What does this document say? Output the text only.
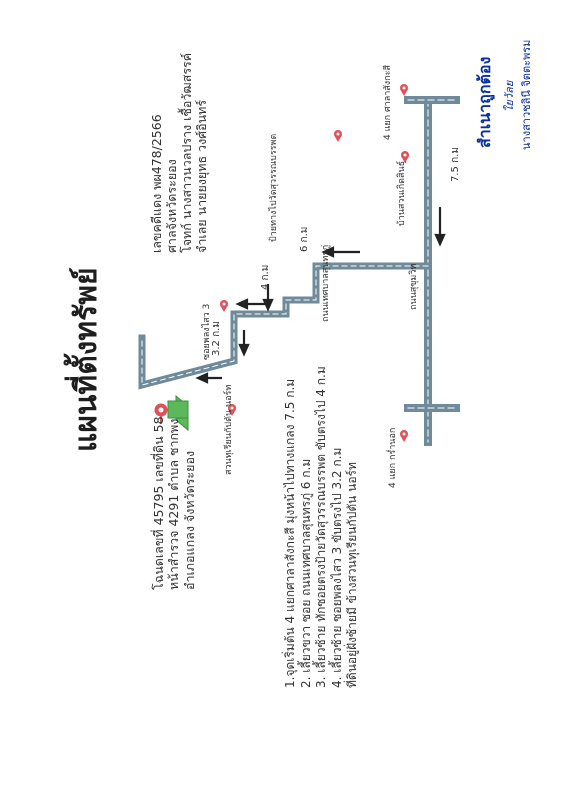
แผนที่ตั้งทรัพย์
โฉนดเลขที่ 45795 เลขที่ดิน 58 หน้าสำรวจ 4291 ตำบล ชากพง อำเภอแกลง จังหวัดระยอง
เลขคดีแดง พผ478/2566 ศาลจังหวัดระยอง โจทก์ นางสาวนวลปราง เชื้อวัฒสรรค์ จำเลย นายยงยุทธ วงศ์อินทร์
1.จุดเริ่มต้น 4 แยกศาลาสังกะสี มุ่งหน้าไปทางแกลง 7.5 ก.ม 2. เลี้ยวขวา ซอย ถนนเทศบาลสุนทรภู่ 6 ก.ม 3. เลี้ยวซ้าย ทักซอยตรงป้ายวัดสุวรรณบรรพต ขับตรงไป 4 ก.ม 4. เลี้ยวซ้าย ซอยพลงไสว 3 ขับตรงไป 3.2 ก.ม ที่ดินอยู่ฝั่งซ้ายมี ข้างสวนทุเรียนกัปตัน นอร์ท
4 แยก ศาลาสังกะสี
4 แยก กร่ำนอก
บ้านสวนเกิดสินธุ์
ถนนสุขุมวิท
ถนนเทศบาลสุนทรภู่
ป้ายทางไปวัดสุวรรณบรรพต
ซอยพลงไสว 3
สวนทุเรียนกัปตัน นอร์ท
7.5 ก.ม
6 ก.ม
4 ก.ม
3.2 ก.ม
สำเนาถูกต้อง ใยวัลย นางสาวชลินี จิตตะพรม
